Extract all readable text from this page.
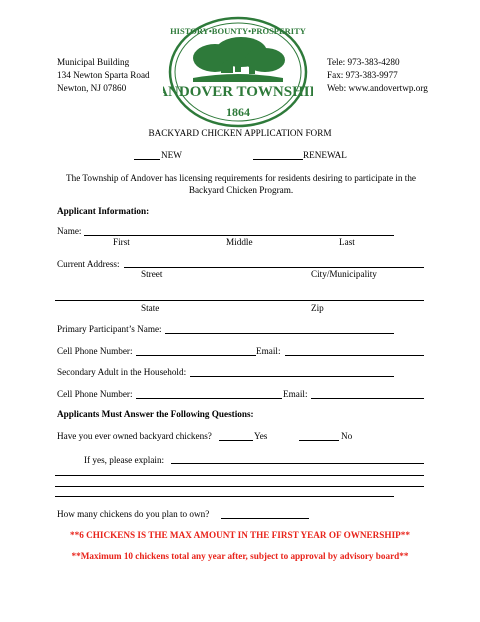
Municipal Building
134 Newton Sparta Road
Newton, NJ 07860
HISTORY•BOUNTY•PROSPERITY
ANDOVER TOWNSHIP
1864
Tele: 973-383-4280
Fax: 973-383-9977
Web: www.andovertwp.org
BACKYARD CHICKEN APPLICATION FORM
NEW	RENEWAL
The Township of Andover has licensing requirements for residents desiring to participate in the Backyard Chicken Program.
Applicant Information:
Name:
First	Middle	Last
Current Address:
Street	City/Municipality
State	Zip
Primary Participant’s Name:
Cell Phone Number:	Email:
Secondary Adult in the Household:
Cell Phone Number:	Email:
Applicants Must Answer the Following Questions:
Have you ever owned backyard chickens?	Yes	No
If yes, please explain:
How many chickens do you plan to own?
**6 CHICKENS IS THE MAX AMOUNT IN THE FIRST YEAR OF OWNERSHIP**
**Maximum 10 chickens total any year after, subject to approval by advisory board**
